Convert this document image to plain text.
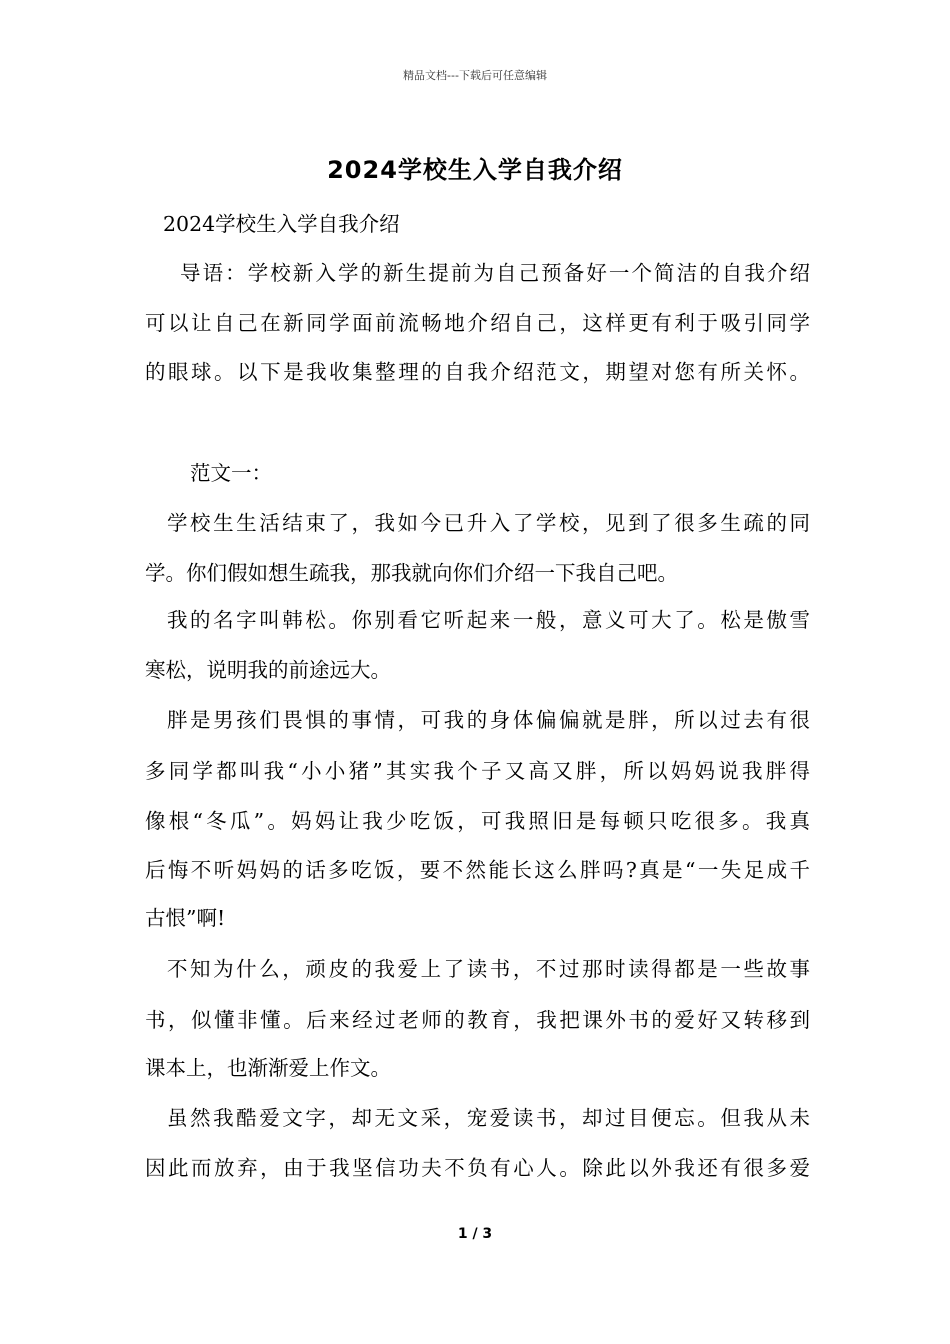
精品文档---下载后可任意编辑
2024学校生入学自我介绍
2024学校生入学自我介绍
导语：学校新入学的新生提前为自己预备好一个简洁的自我介绍
可以让自己在新同学面前流畅地介绍自己，这样更有利于吸引同学
的眼球。以下是我收集整理的自我介绍范文，期望对您有所关怀。
范文一：
学校生生活结束了，我如今已升入了学校，见到了很多生疏的同
学。你们假如想生疏我，那我就向你们介绍一下我自己吧。
我的名字叫韩松。你别看它听起来一般，意义可大了。松是傲雪
寒松，说明我的前途远大。
胖是男孩们畏惧的事情，可我的身体偏偏就是胖，所以过去有很
多同学都叫我“小小猪”其实我个子又高又胖，所以妈妈说我胖得
像根“冬瓜”。妈妈让我少吃饭，可我照旧是每顿只吃很多。我真
后悔不听妈妈的话多吃饭，要不然能长这么胖吗?真是“一失足成千
古恨”啊!
不知为什么，顽皮的我爱上了读书，不过那时读得都是一些故事
书，似懂非懂。后来经过老师的教育，我把课外书的爱好又转移到
课本上，也渐渐爱上作文。
虽然我酷爱文字，却无文采，宠爱读书，却过目便忘。但我从未
因此而放弃，由于我坚信功夫不负有心人。除此以外我还有很多爱
1 / 3
